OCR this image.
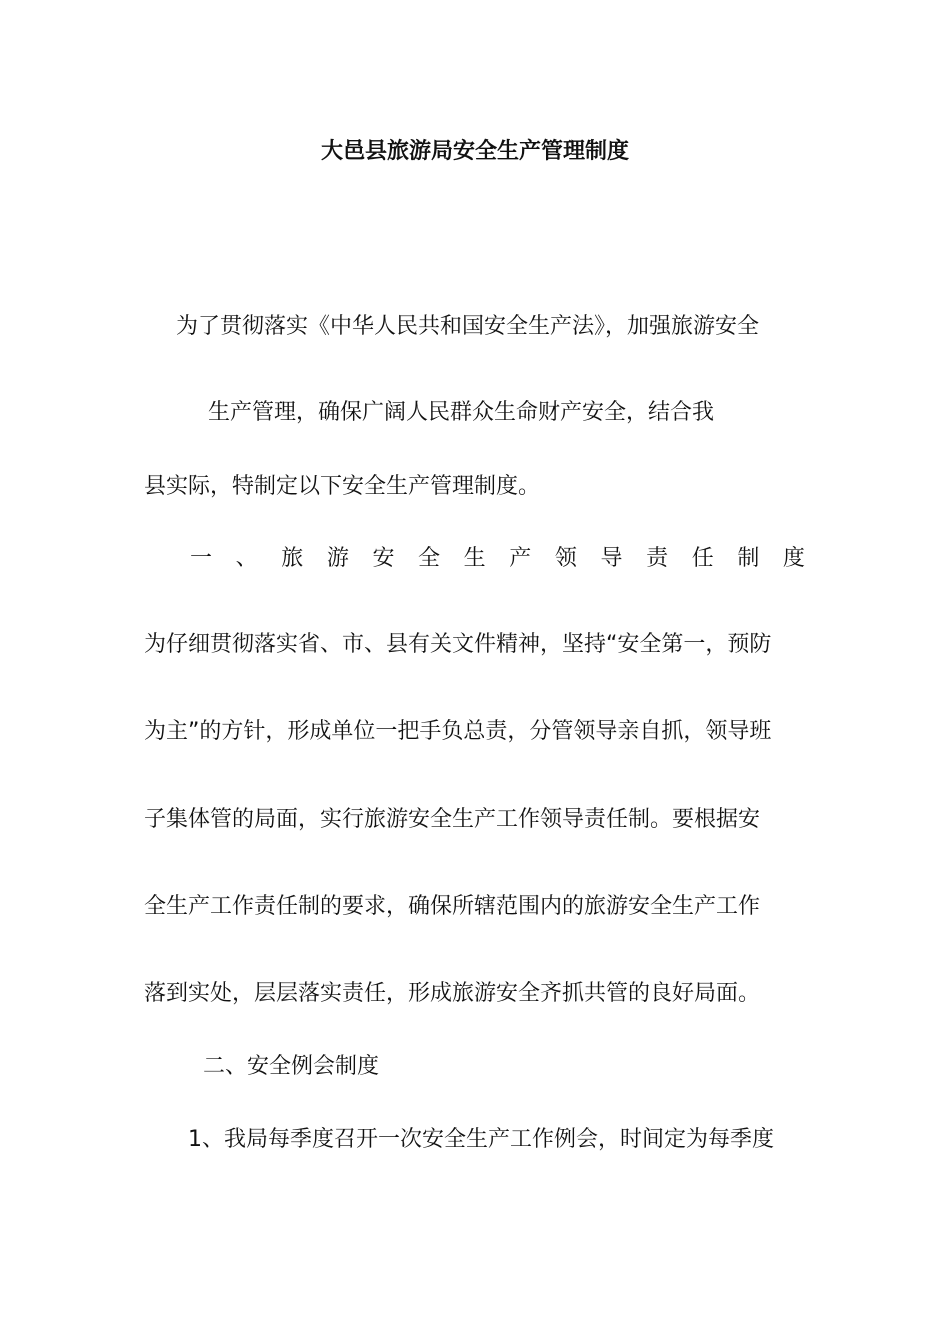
大邑县旅游局安全生产管理制度
为了贯彻落实《中华人民共和国安全生产法》，加强旅游安全
生产管理，确保广阔人民群众生命财产安全，结合我
县实际，特制定以下安全生产管理制度。
一 、 旅 游 安 全 生 产 领 导 责 任 制 度
为仔细贯彻落实省、市、县有关文件精神，坚持“安全第一，预防
为主”的方针，形成单位一把手负总责，分管领导亲自抓，领导班
子集体管的局面，实行旅游安全生产工作领导责任制。要根据安
全生产工作责任制的要求，确保所辖范围内的旅游安全生产工作
落到实处，层层落实责任，形成旅游安全齐抓共管的良好局面。
二、安全例会制度
1、我局每季度召开一次安全生产工作例会，时间定为每季度
